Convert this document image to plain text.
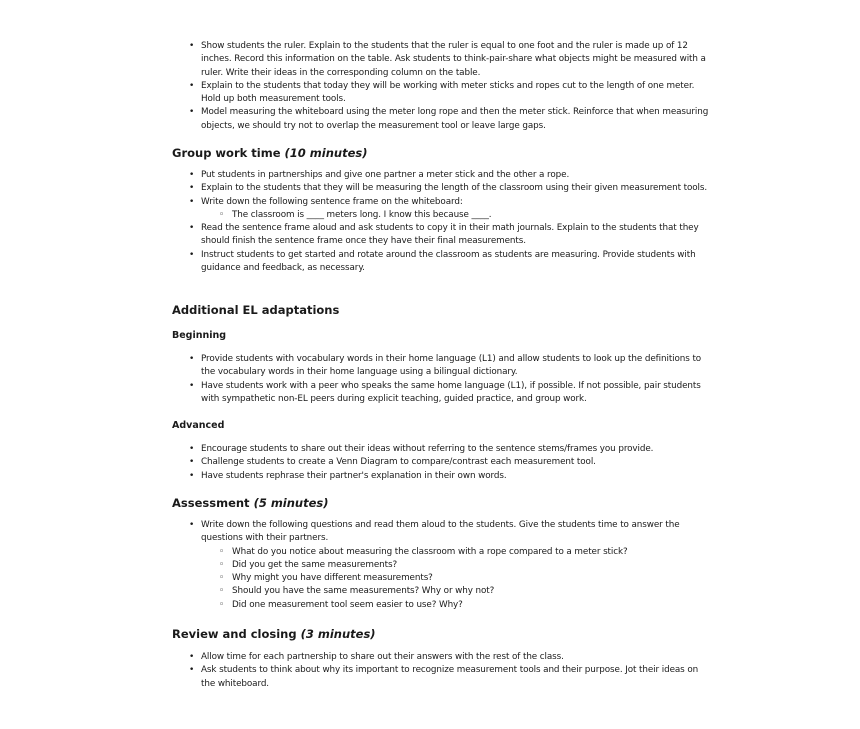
• Show students the ruler. Explain to the students that the ruler is equal to one foot and the ruler is made up of 12 inches. Record this information on the table. Ask students to think-pair-share what objects might be measured with a ruler. Write their ideas in the corresponding column on the table.
• Explain to the students that today they will be working with meter sticks and ropes cut to the length of one meter. Hold up both measurement tools.
• Model measuring the whiteboard using the meter long rope and then the meter stick. Reinforce that when measuring objects, we should try not to overlap the measurement tool or leave large gaps.
Group work time (10 minutes)
• Put students in partnerships and give one partner a meter stick and the other a rope.
• Explain to the students that they will be measuring the length of the classroom using their given measurement tools.
• Write down the following sentence frame on the whiteboard:
◦ The classroom is ____ meters long. I know this because ____.
• Read the sentence frame aloud and ask students to copy it in their math journals. Explain to the students that they should finish the sentence frame once they have their final measurements.
• Instruct students to get started and rotate around the classroom as students are measuring. Provide students with guidance and feedback, as necessary.
Additional EL adaptations
Beginning
• Provide students with vocabulary words in their home language (L1) and allow students to look up the definitions to the vocabulary words in their home language using a bilingual dictionary.
• Have students work with a peer who speaks the same home language (L1), if possible. If not possible, pair students with sympathetic non-EL peers during explicit teaching, guided practice, and group work.
Advanced
• Encourage students to share out their ideas without referring to the sentence stems/frames you provide.
• Challenge students to create a Venn Diagram to compare/contrast each measurement tool.
• Have students rephrase their partner's explanation in their own words.
Assessment (5 minutes)
• Write down the following questions and read them aloud to the students. Give the students time to answer the questions with their partners.
◦ What do you notice about measuring the classroom with a rope compared to a meter stick?
◦ Did you get the same measurements?
◦ Why might you have different measurements?
◦ Should you have the same measurements? Why or why not?
◦ Did one measurement tool seem easier to use? Why?
Review and closing (3 minutes)
• Allow time for each partnership to share out their answers with the rest of the class.
• Ask students to think about why its important to recognize measurement tools and their purpose. Jot their ideas on the whiteboard.
